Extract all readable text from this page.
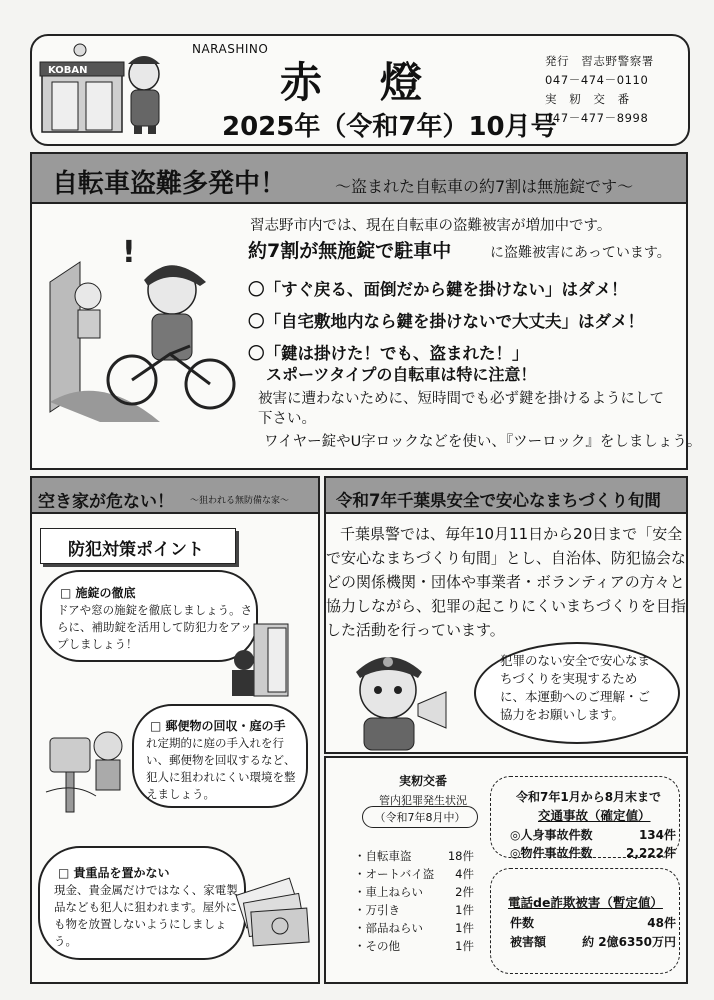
KOBAN
NARASHINO
赤燈
2025年（令和7年）10月号
発行　習志野警察署
047－474－0110
実　籾　交　番
047－477－8998
自転車盗難多発中！	～盗まれた自転車の約7割は無施錠です～
!
習志野市内では、現在自転車の盗難被害が増加中です。
約7割が無施錠で駐車中	に盗難被害にあっています。
〇「すぐ戻る、面倒だから鍵を掛けない」はダメ！
〇「自宅敷地内なら鍵を掛けないで大丈夫」はダメ！
〇「鍵は掛けた！でも、盗まれた！」
スポーツタイプの自転車は特に注意！
被害に遭わないために、短時間でも必ず鍵を掛けるようにして下さい。
ワイヤー錠やU字ロックなどを使い、『ツーロック』をしましょう。
空き家が危ない！ ～狙われる無防備な家～
防犯対策ポイント
□ 施錠の徹底
ドアや窓の施錠を徹底しましょう。さらに、補助錠を活用して防犯力をアップしましょう！
□ 郵便物の回収・庭の手
れ定期的に庭の手入れを行い、郵便物を回収するなど、犯人に狙われにくい環境を整えましょう。
□ 貴重品を置かない
現金、貴金属だけではなく、家電製品なども犯人に狙われます。屋外にも物を放置しないようにしましょう。
令和7年千葉県安全で安心なまちづくり旬間
千葉県警では、毎年10月11日から20日まで「安全で安心なまちづくり旬間」とし、自治体、防犯協会などの関係機関・団体や事業者・ボランティアの方々と協力しながら、犯罪の起こりにくいまちづくりを目指した活動を行っています。
犯罪のない安全で安心なまちづくりを実現するために、本運動へのご理解・ご協力をお願いします。
実籾交番
管内犯罪発生状況
（令和7年8月中）
・自転車盗	18件
・オートバイ盗 4件
・車上ねらい	2件
・万引き	1件
・部品ねらい	1件
・その他	1件
令和7年1月から8月末まで
交通事故（確定値）
◎人身事故件数	134件
◎物件事故件数	2,222件
電話de詐欺被害（暫定値）
件数	48件
被害額	約 2億6350万円
